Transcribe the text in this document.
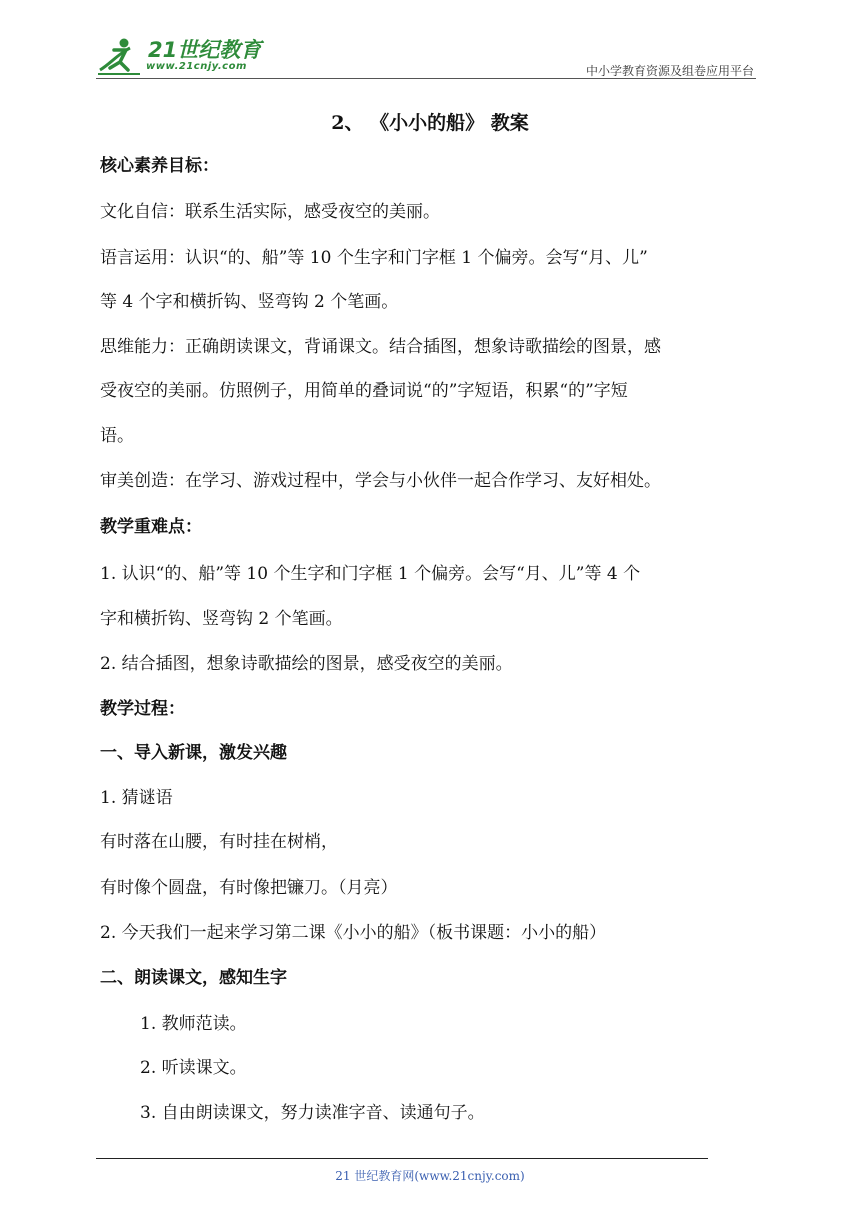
21世纪教育
www.21cnjy.com	中小学教育资源及组卷应用平台
2、 《小小的船》 教案
核心素养目标：
文化自信：联系生活实际，感受夜空的美丽。
语言运用：认识“的、船”等 10 个生字和门字框 1 个偏旁。会写“月、儿”
等 4 个字和横折钩、竖弯钩 2 个笔画。
思维能力：正确朗读课文，背诵课文。结合插图，想象诗歌描绘的图景，感
受夜空的美丽。仿照例子，用简单的叠词说“的”字短语，积累“的”字短
语。
审美创造：在学习、游戏过程中，学会与小伙伴一起合作学习、友好相处。
教学重难点：
1. 认识“的、船”等 10 个生字和门字框 1 个偏旁。会写“月、儿”等 4 个
字和横折钩、竖弯钩 2 个笔画。
2. 结合插图，想象诗歌描绘的图景，感受夜空的美丽。
教学过程：
一、导入新课，激发兴趣
1. 猜谜语
有时落在山腰，有时挂在树梢，
有时像个圆盘，有时像把镰刀。（月亮）
2. 今天我们一起来学习第二课《小小的船》（板书课题：小小的船）
二、朗读课文，感知生字
1. 教师范读。
2. 听读课文。
3. 自由朗读课文，努力读准字音、读通句子。
21 世纪教育网(www.21cnjy.com)
